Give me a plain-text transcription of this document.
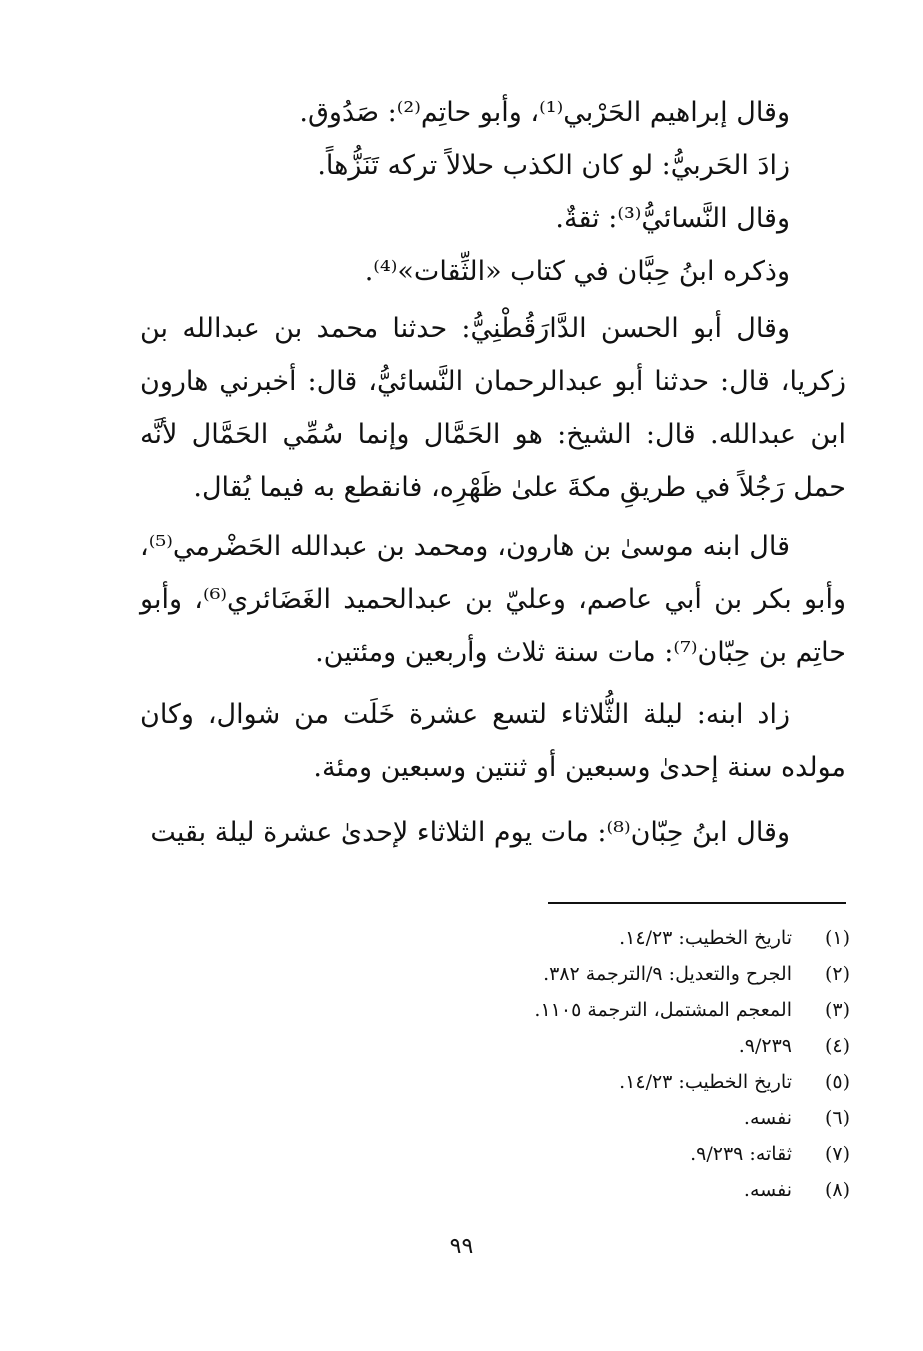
وقال إبراهيم الحَرْبي⁽¹⁾، وأبو حاتِم⁽²⁾: صَدُوق.
زادَ الحَربيُّ: لو كان الكذب حلالاً تركه تَنَزُّهاً.
وقال النَّسائيُّ⁽³⁾: ثقةٌ.
وذكره ابنُ حِبَّان في كتاب «الثِّقات»⁽⁴⁾.
وقال أبو الحسن الدَّارَقُطْنِيُّ: حدثنا محمد بن عبدالله بن زكريا، قال: حدثنا أبو عبدالرحمان النَّسائيُّ، قال: أخبرني هارون ابن عبدالله. قال: الشيخ: هو الحَمَّال وإنما سُمِّي الحَمَّال لأنَّه حمل رَجُلاً في طريقِ مكةَ علىٰ ظَهْرِه، فانقطع به فيما يُقال.
قال ابنه موسىٰ بن هارون، ومحمد بن عبدالله الحَضْرمي⁽⁵⁾، وأبو بكر بن أبي عاصم، وعليّ بن عبدالحميد الغَضَائري⁽⁶⁾، وأبو حاتِم بن حِبّان⁽⁷⁾: مات سنة ثلاث وأربعين ومئتين.
زاد ابنه: ليلة الثُّلاثاء لتسع عشرة خَلَت من شوال، وكان مولده سنة إحدىٰ وسبعين أو ثنتين وسبعين ومئة.
وقال ابنُ حِبّان⁽⁸⁾: مات يوم الثلاثاء لإحدىٰ عشرة ليلة بقيت
(١)
تاريخ الخطيب: ١٤/٢٣.
(٢)
الجرح والتعديل: ٩/الترجمة ٣٨٢.
(٣)
المعجم المشتمل، الترجمة ١١٠٥.
(٤)
٩/٢٣٩.
(٥)
تاريخ الخطيب: ١٤/٢٣.
(٦)
نفسه.
(٧)
ثقاته: ٩/٢٣٩.
(٨)
نفسه.
٩٩
